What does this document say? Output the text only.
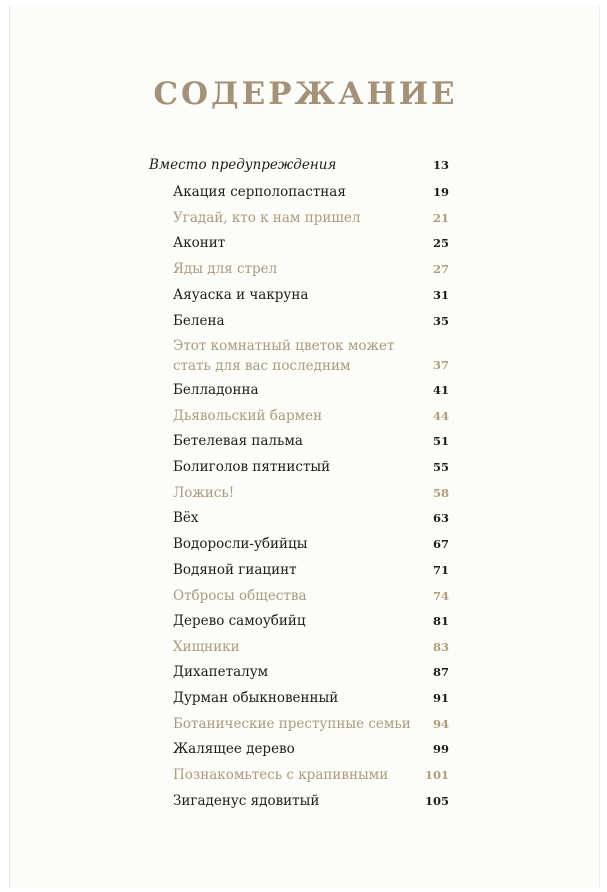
СОДЕРЖАНИЕ
Вместо предупреждения	13
Акация серполопастная	19
Угадай, кто к нам пришел	21
Аконит	25
Яды для стрел	27
Аяуаска и чакруна	31
Белена	35
Этот комнатный цветок может
стать для вас последним	37
Белладонна	41
Дьявольский бармен	44
Бетелевая пальма	51
Болиголов пятнистый	55
Ложись!	58
Вёх	63
Водоросли-убийцы	67
Водяной гиацинт	71
Отбросы общества	74
Дерево самоубийц	81
Хищники	83
Дихапеталум	87
Дурман обыкновенный	91
Ботанические преступные семьи 94
Жалящее дерево	99
Познакомьтесь с крапивными	101
Зигаденус ядовитый	105
